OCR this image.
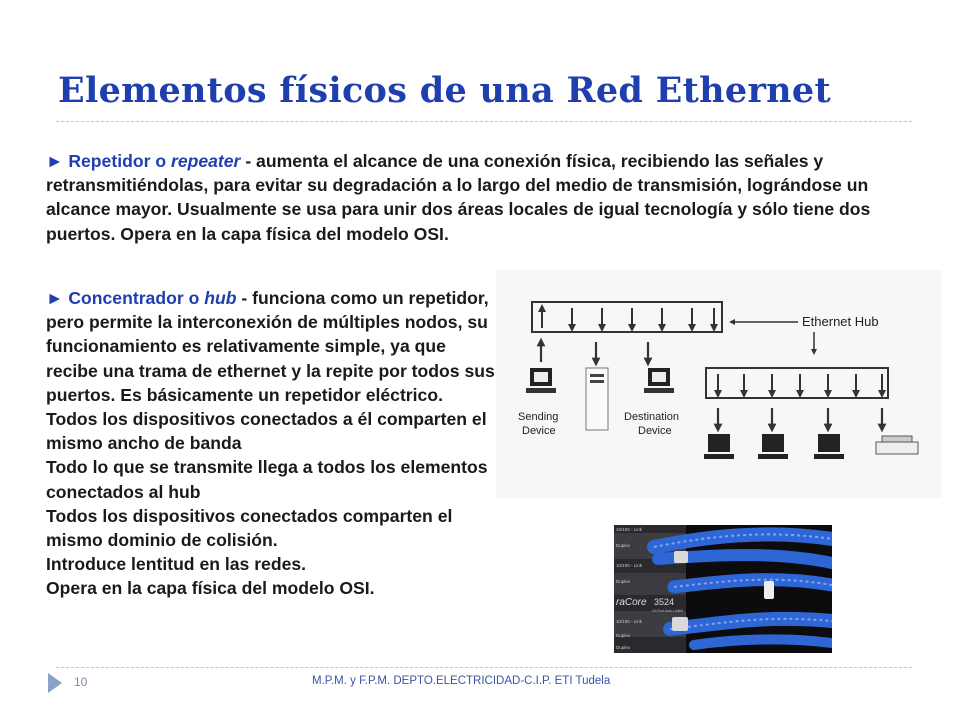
Elementos físicos de una Red Ethernet
► Repetidor o repeater - aumenta el alcance de una conexión física, recibiendo las señales y retransmitiéndolas, para evitar su degradación a lo largo del medio de transmisión, lográndose un alcance mayor. Usualmente se usa para unir dos áreas locales de igual tecnología y sólo tiene dos puertos. Opera en la capa física del modelo OSI.
► Concentrador o hub - funciona como un repetidor, pero permite la interconexión de múltiples nodos, su funcionamiento es relativamente simple, ya que recibe una trama de ethernet y la repite por todos sus puertos. Es básicamente un repetidor eléctrico.
Todos los dispositivos conectados a él comparten el mismo ancho de banda
Todo lo que se transmite llega a todos los elementos conectados al hub
Todos los dispositivos conectados comparten el mismo dominio de colisión.
Introduce lentitud en las redes.
Opera en la capa física del modelo OSI.
Ethernet Hub
Sending
Device
Destination
Device
10/100 - Link
Duplex
10/100 - Link
Duplex
raCore 3524
24-Port Auto-Uplink
10/100 - Link
Duplex
Duplex
10	M.P.M. y F.P.M. DEPTO.ELECTRICIDAD-C.I.P. ETI Tudela
